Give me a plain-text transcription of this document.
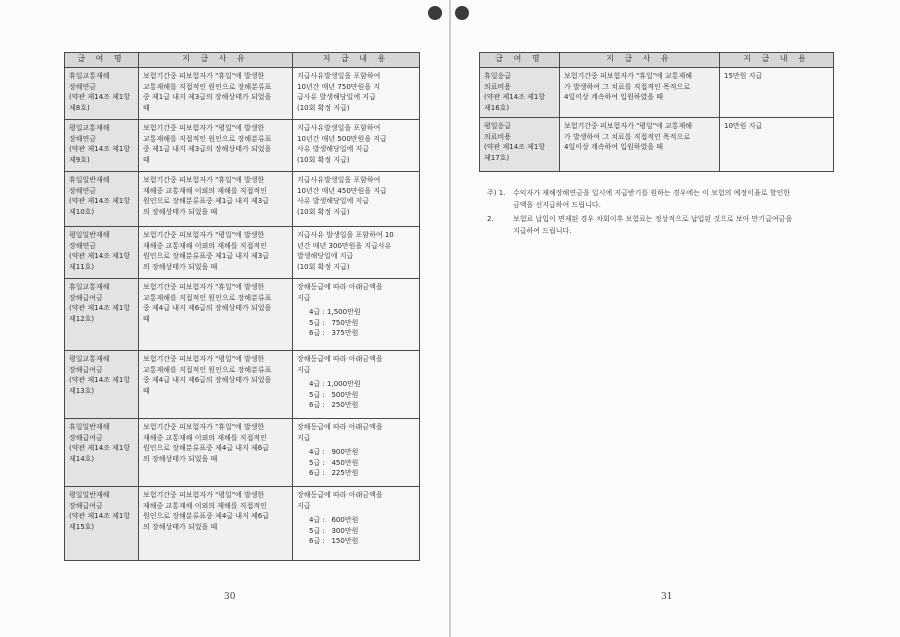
급 여 명	지 급 사 유	지 급 내 용

휴일교통재해
장해연금
(약관 제14조 제1항
제8호)	보험기간중 피보험자가 "휴일"에 발생한
교통재해를 직접적인 원인으로 장해분류표
중 제1급 내지 제3급의 장해상태가 되었을
때	지급사유발생일을 포함하여
10년간 매년 750만원을 지
급사유 발생해당일에 지급
(10회 확정 지급)

평일교통재해
장해연금
(약관 제14조 제1항
제9호)	보험기간중 피보험자가 "평일"에 발생한
교통재해를 직접적인 원인으로 장해분류표
중 제1급 내지 제3급의 장해상태가 되었을
때	지급사유발생일을 포함하여
10년간 매년 500만원을 지급
사유 발생해당일에 지급
(10회 확정 지급)

휴일일반재해
장해연금
(약관 제14조 제1항
제10호)	보험기간중 피보험자가 "휴일"에 발생한
재해중 교통재해 이외의 재해를 직접적인
원인으로 장해분류표중 제1급 내지 제3급
의 장해상태가 되었을 때	지급사유발생일을 포함하여
10년간 매년 450만원을 지급
사유 발생해당일에 지급
(10회 확정 지급)

평일일반재해
장해연금
(약관 제14조 제1항
제11호)	보험기간중 피보험자가 "평일"에 발생한
재해중 교통재해 이외의 재해를 직접적인
원인으로 장해분류표중 제1급 내지 제3급
의 장해상태가 되었을 때	지급사유 발생일을 포함하여 10
년간 매년 300만원을 지급사유
발생해당일에 지급
(10회 확정 지급)

휴일교통재해
장해급여금
(약관 제14조 제1항
제12호)	보험기간중 피보험자가 "휴일"에 발생한
교통재해를 직접적인 원인으로 장해분류표
중 제4급 내지 제6급의 장해상태가 되었을
때	장해등급에 따라 아래금액을
지급
4급 : 1,500만원
5급 :   750만원
6급 :   375만원

평일교통재해
장해급여금
(약관 제14조 제1항
제13호)	보험기간중 피보험자가 "평일"에 발생한
교통재해를 직접적인 원인으로 장해분류표
중 제4급 내지 제6급의 장해상태가 되었을
때	장해등급에 따라 아래금액을
지급
4급 : 1,000만원
5급 :   500만원
6급 :   250만원

휴일일반재해
장해급여금
(약관 제14조 제1항
제14호)	보험기간중 피보험자가 "휴일"에 발생한
재해중 교통재해 이외의 재해를 직접적인
원인으로 장해분류표중 제4급 내지 제6급
의 장해상태가 되었을 때	장해등급에 따라 아래금액을
지급
4급 :   900만원
5급 :   450만원
6급 :   225만원

평일일반재해
장해급여금
(약관 제14조 제1항
제15호)	보험기간중 피보험자가 "평일"에 발생한
재해중 교통재해 이외의 재해를 직접적인
원인으로 장해분류표중 제4급 내지 제6급
의 장해상태가 되었을 때	장해등급에 따라 아래금액을
지급
4급 :   600만원
5급 :   300만원
6급 :   150만원
30
급 여 명	지 급 사 유	지 급 내 용

휴일응급
의료비용
(약관 제14조 제1항
제16호)	보험기간중 피보험자가 "휴일"에 교통재해
가 발생하여 그 치료를 직접적인 목적으로
4일이상 계속하여 입원하였을 때	15만원 지급

평일응급
의료비용
(약관 제14조 제1항
제17호)	보험기간중 피보험자가 "평일"에 교통재해
가 발생하여 그 치료를 직접적인 목적으로
4일이상 계속하여 입원하였을 때	10만원 지급
31
주) 1. 수익자가 재해장해연금을 일시에 지급받기를 원하는 경우에는 이 보험의 예정이율로 할인한
금액을 선지급하여 드립니다.
2.	보험료 납입이 면제된 경우 차회이후 보험료는 정상적으로 납입된 것으로 보아 만기급여금을
지급하여 드립니다.
